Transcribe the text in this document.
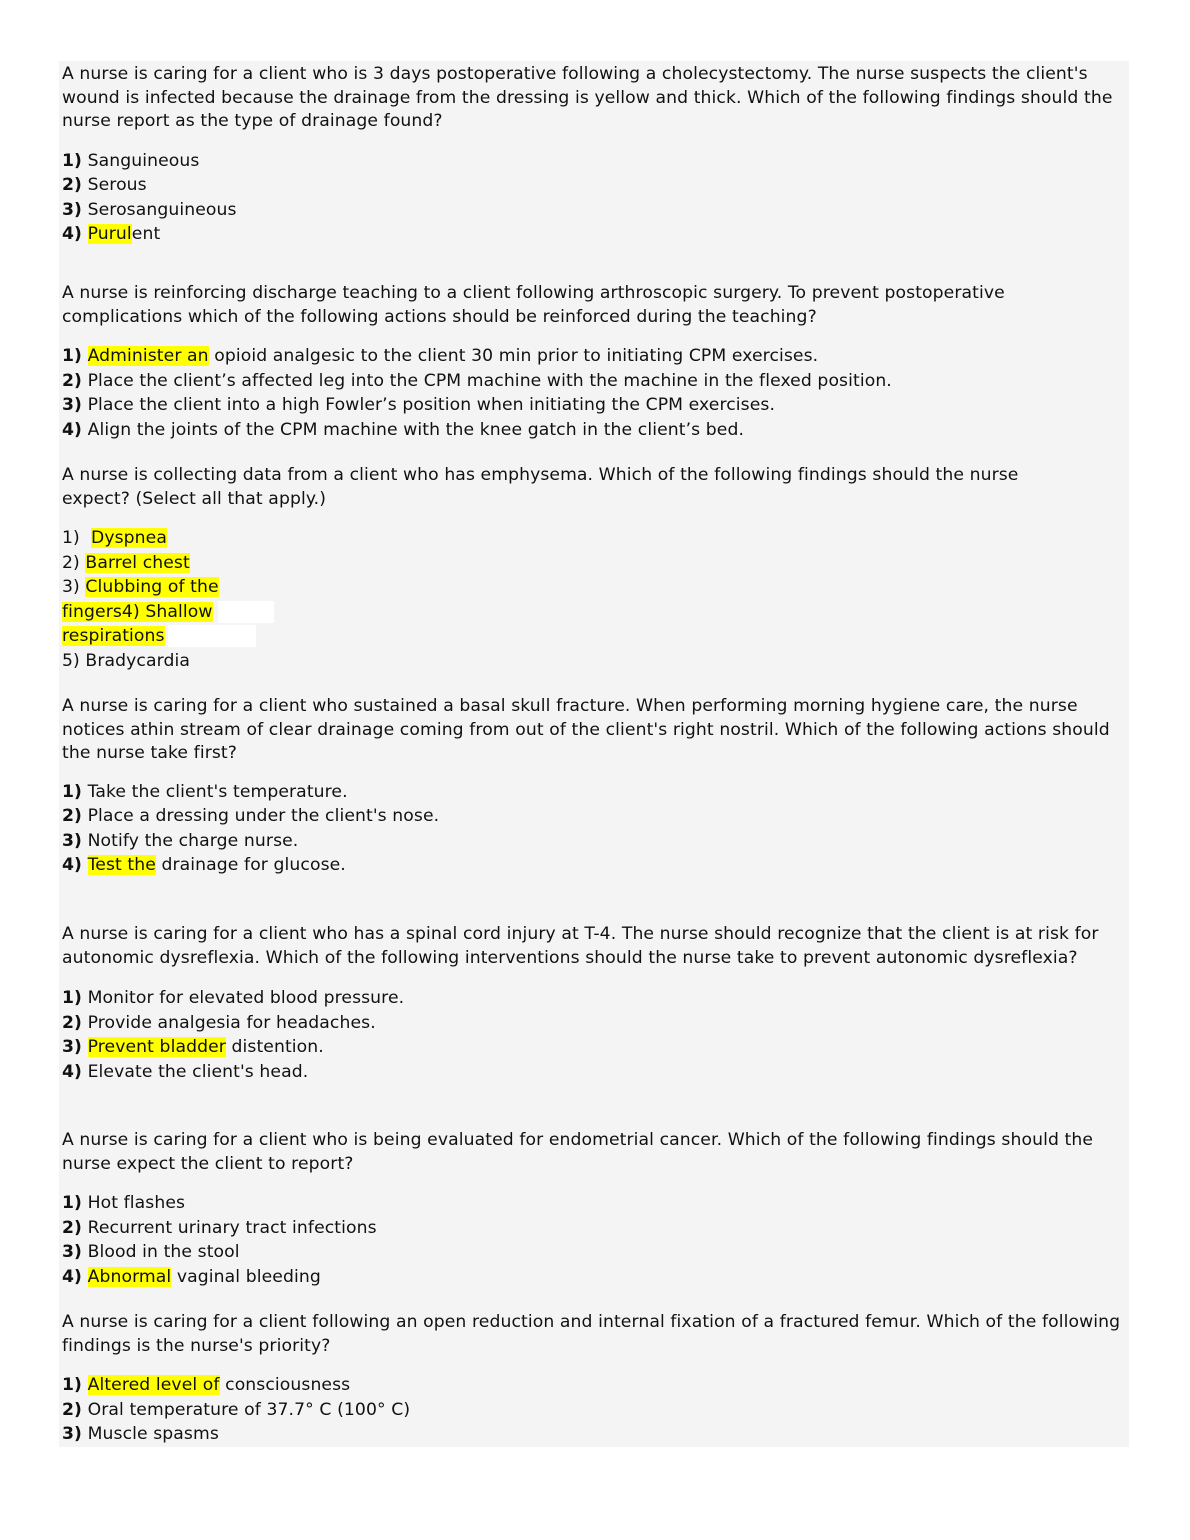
A nurse is caring for a client who is 3 days postoperative following a cholecystectomy. The nurse suspects the client's wound is infected because the drainage from the dressing is yellow and thick. Which of the following findings should the nurse report as the type of drainage found?

1) Sanguineous
2) Serous
3) Serosanguineous
4) Purulent

A nurse is reinforcing discharge teaching to a client following arthroscopic surgery. To prevent postoperative complications which of the following actions should be reinforced during the teaching?

1) Administer an opioid analgesic to the client 30 min prior to initiating CPM exercises.
2) Place the client’s affected leg into the CPM machine with the machine in the flexed position.
3) Place the client into a high Fowler’s position when initiating the CPM exercises.
4) Align the joints of the CPM machine with the knee gatch in the client’s bed.

A nurse is collecting data from a client who has emphysema. Which of the following findings should the nurse expect? (Select all that apply.)

1) Dyspnea
2) Barrel chest
3) Clubbing of the
fingers4) Shallow
respirations
5) Bradycardia

A nurse is caring for a client who sustained a basal skull fracture. When performing morning hygiene care, the nurse notices athin stream of clear drainage coming from out of the client's right nostril. Which of the following actions should the nurse take first?

1) Take the client's temperature.
2) Place a dressing under the client's nose.
3) Notify the charge nurse.
4) Test the drainage for glucose.

A nurse is caring for a client who has a spinal cord injury at T-4. The nurse should recognize that the client is at risk for autonomic dysreflexia. Which of the following interventions should the nurse take to prevent autonomic dysreflexia?

1) Monitor for elevated blood pressure.
2) Provide analgesia for headaches.
3) Prevent bladder distention.
4) Elevate the client's head.

A nurse is caring for a client who is being evaluated for endometrial cancer. Which of the following findings should the nurse expect the client to report?

1) Hot flashes
2) Recurrent urinary tract infections
3) Blood in the stool
4) Abnormal vaginal bleeding

A nurse is caring for a client following an open reduction and internal fixation of a fractured femur. Which of the following findings is the nurse's priority?

1) Altered level of consciousness
2) Oral temperature of 37.7° C (100° C)
3) Muscle spasms
